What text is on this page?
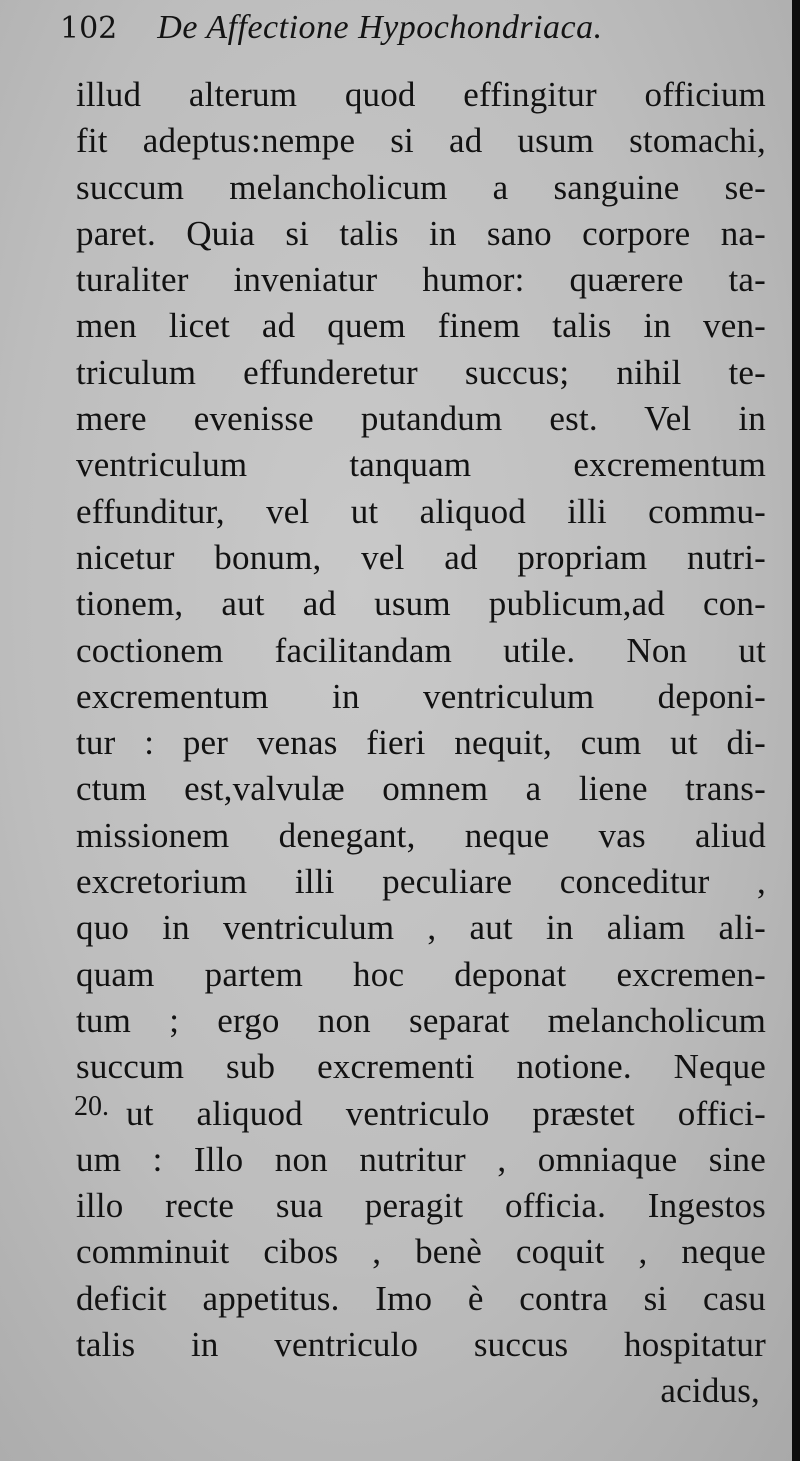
102 De Affectione Hypochondriaca.
illud alterum quod effingitur officium
fit adeptus:nempe si ad usum stomachi,
succum melancholicum a sanguine se-
paret. Quia si talis in sano corpore na-
turaliter inveniatur humor: quærere ta-
men licet ad quem finem talis in ven-
triculum effunderetur succus; nihil te-
mere evenisse putandum est. Vel in
ventriculum tanquam excrementum
effunditur, vel ut aliquod illi commu-
nicetur bonum, vel ad propriam nutri-
tionem, aut ad usum publicum,ad con-
coctionem facilitandam utile. Non ut
excrementum in ventriculum deponi-
tur : per venas fieri nequit, cum ut di-
ctum est,valvulæ omnem a liene trans-
missionem denegant, neque vas aliud
excretorium illi peculiare conceditur ,
quo in ventriculum , aut in aliam ali-
quam partem hoc deponat excremen-
tum ; ergo non separat melancholicum
succum sub excrementi notione. Neque
ut aliquod ventriculo præstet offici-
um : Illo non nutritur , omniaque sine
illo recte sua peragit officia. Ingestos
comminuit cibos , benè coquit , neque
deficit appetitus. Imo è contra si casu
talis in ventriculo succus hospitatur
acidus,
20.
